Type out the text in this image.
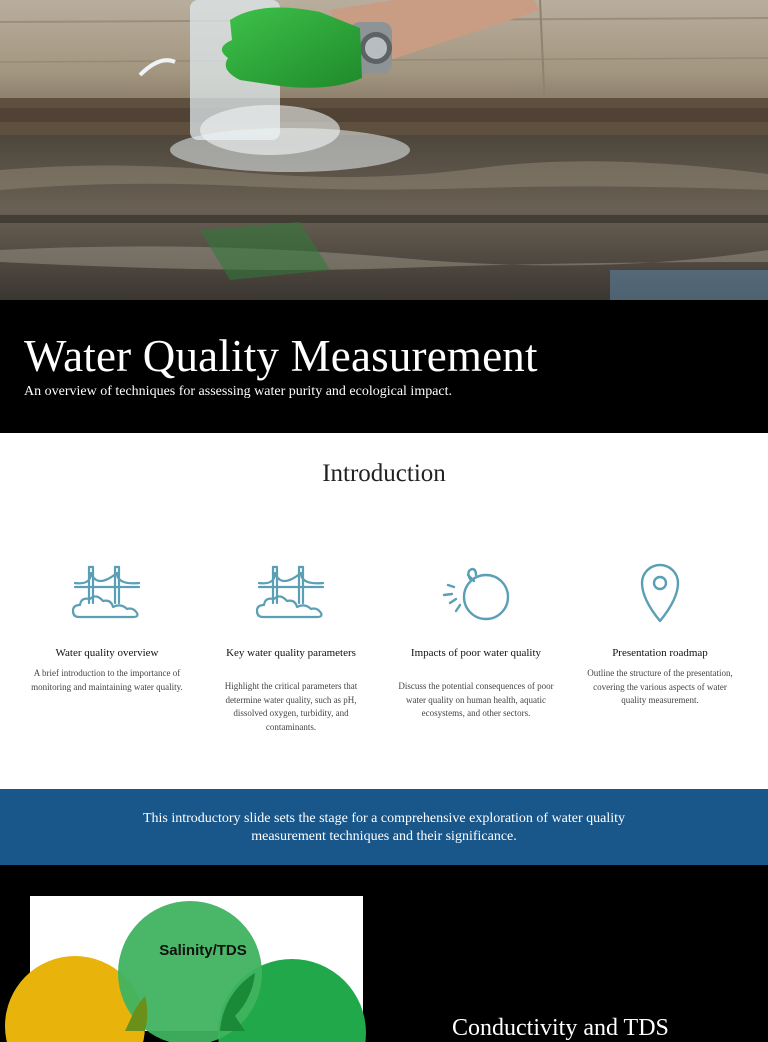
Water Quality Measurement

An overview of techniques for assessing water purity and ecological impact.

Introduction
Water quality overview

A brief introduction to the importance of monitoring and maintaining water quality.

Key water quality parameters

Highlight the critical parameters that determine water quality, such as pH, dissolved oxygen, turbidity, and contaminants.

Impacts of poor water quality

Discuss the potential consequences of poor water quality on human health, aquatic ecosystems, and other sectors.

Presentation roadmap

Outline the structure of the presentation, covering the various aspects of water quality measurement.

This introductory slide sets the stage for a comprehensive exploration of water quality measurement techniques and their significance.
Salinity/TDS
Conductivity and TDS
